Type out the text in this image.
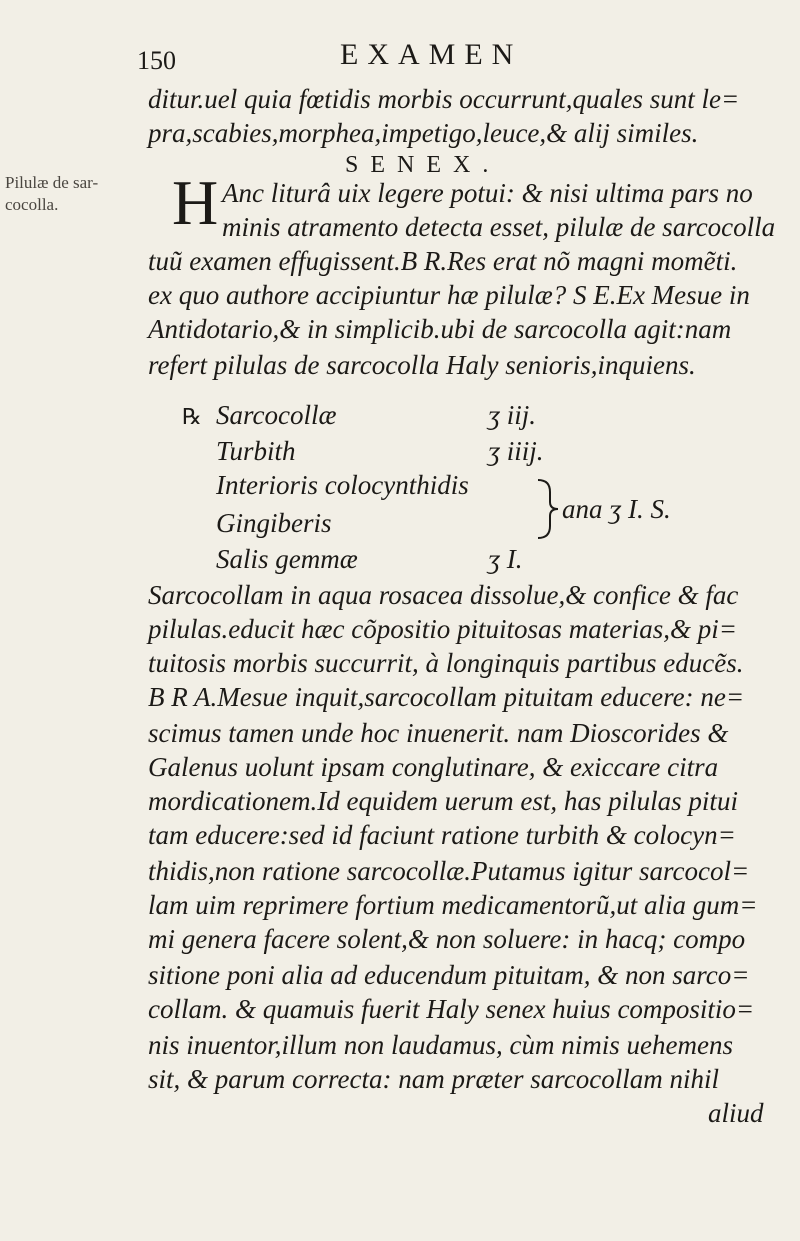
150	EXAMEN
ditur.uel quia fœtidis morbis occurrunt,quales sunt le=
pra,scabies,morphea,impetigo,leuce,& alij similes.
SENEX.
Pilulæ de sar-
cocolla.	H Anc liturâ uix legere potui: & nisi ultima pars no
minis atramento detecta esset, pilulæ de sarcocolla
tuũ examen effugissent.B R.Res erat nõ magni momẽti.
ex quo authore accipiuntur hæ pilulæ? S E.Ex Mesue in
Antidotario,& in simplicib.ubi de sarcocolla agit:nam
refert pilulas de sarcocolla Haly senioris,inquiens.
℞ Sarcocollæ	ʒ iij.
Turbith	ʒ iiij.
Interioris colocynthidis
Gingiberis	ana ʒ I. S.
Salis gemmæ	ʒ I.
Sarcocollam in aqua rosacea dissolue,& confice & fac
pilulas.educit hæc cõpositio pituitosas materias,& pi=
tuitosis morbis succurrit, à longinquis partibus educẽs.
B R A.Mesue inquit,sarcocollam pituitam educere: ne=
scimus tamen unde hoc inuenerit. nam Dioscorides &
Galenus uolunt ipsam conglutinare, & exiccare citra
mordicationem.Id equidem uerum est, has pilulas pitui
tam educere:sed id faciunt ratione turbith & colocyn=
thidis,non ratione sarcocollæ.Putamus igitur sarcocol=
lam uim reprimere fortium medicamentorũ,ut alia gum=
mi genera facere solent,& non soluere: in hacq; compo
sitione poni alia ad educendum pituitam, & non sarco=
collam. & quamuis fuerit Haly senex huius compositio=
nis inuentor,illum non laudamus, cùm nimis uehemens
sit, & parum correcta: nam præter sarcocollam nihil
aliud
